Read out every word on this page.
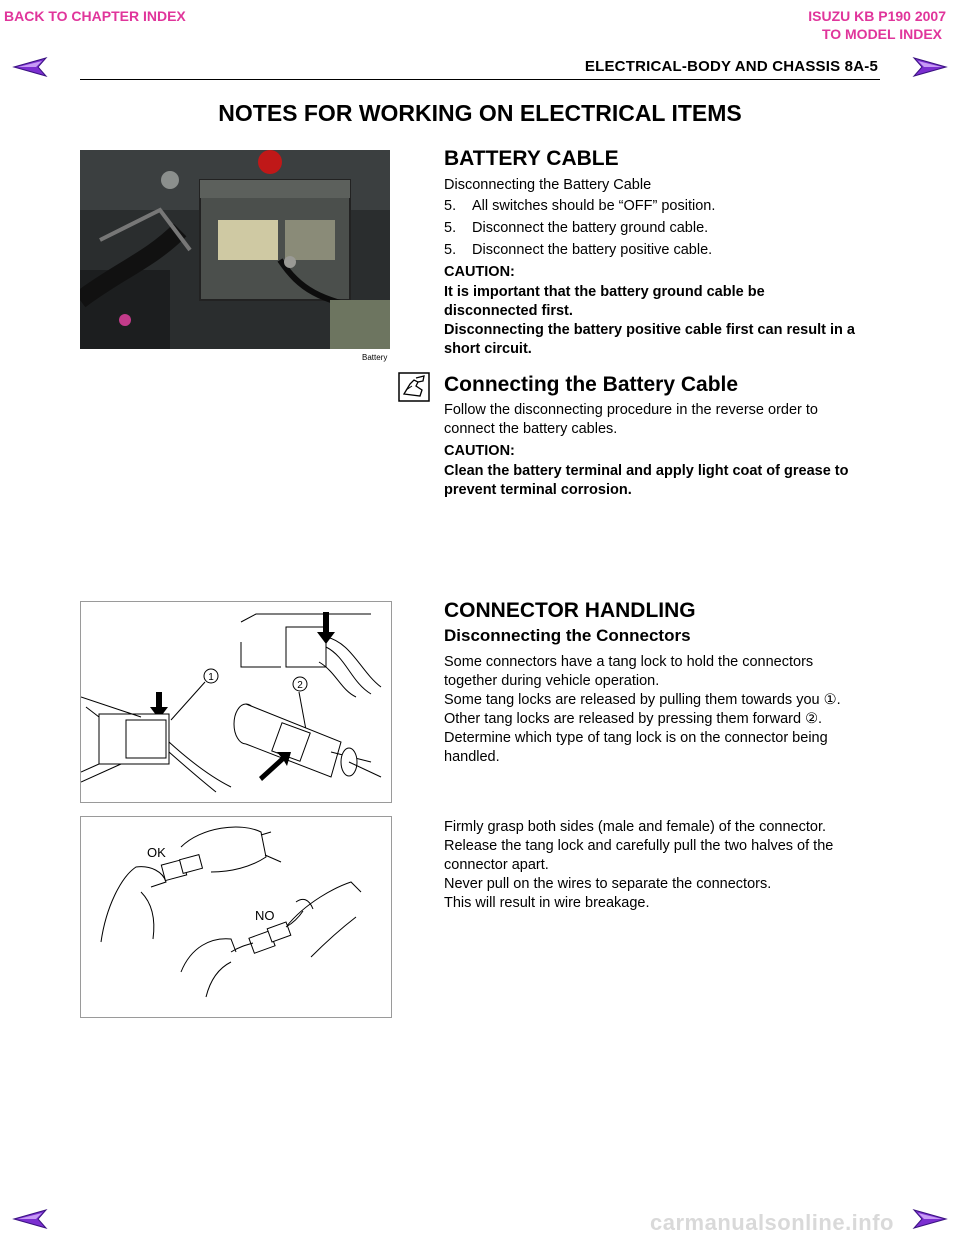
BACK TO CHAPTER INDEX	ISUZU KB P190 2007
TO MODEL INDEX
ELECTRICAL-BODY AND CHASSIS 8A-5
NOTES FOR WORKING ON ELECTRICAL ITEMS
Battery
BATTERY CABLE
Disconnecting the Battery Cable
5.	All switches should be “OFF” position.
5.	Disconnect the battery ground cable.
5.	Disconnect the battery positive cable.
CAUTION:
It is important that the battery ground cable be disconnected first.
Disconnecting the battery positive cable first can result in a short circuit.
Connecting the Battery Cable
Follow the disconnecting procedure in the reverse order to connect the battery cables.
CAUTION:
Clean the battery terminal and apply light coat of grease to prevent terminal corrosion.
1
2
CONNECTOR HANDLING
Disconnecting the Connectors
Some connectors have a tang lock to hold the connectors together during vehicle operation.
Some tang locks are released by pulling them towards you ①.
Other tang locks are released by pressing them forward ②.
Determine which type of tang lock is on the connector being handled.
OK
NO
Firmly grasp both sides (male and female) of the connector.
Release the tang lock and carefully pull the two halves of the connector apart.
Never pull on the wires to separate the connectors.
This will result in wire breakage.
carmanualsonline.info
